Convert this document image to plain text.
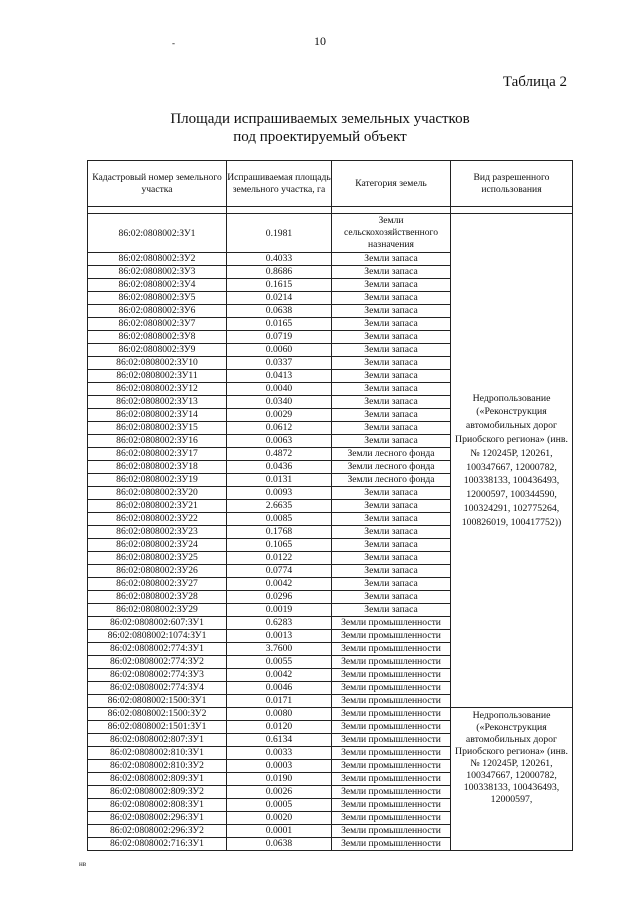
10
-
Таблица 2
Площади испрашиваемых земельных участков
под проектируемый объект
Кадастровый номер земельного участка	Испрашиваемая площадь земельного участка, га	Категория земель	Вид разрешенного использования

86:02:0808002:ЗУ1	0.1981	Земли сельскохозяйственного назначения	Недропользование («Реконструкция автомобильных дорог Приобского региона» (инв. № 120245Р, 120261, 100347667, 12000782, 100338133, 100436493, 12000597, 100344590, 100324291, 102775264, 100826019, 100417752))
86:02:0808002:ЗУ2	0.4033	Земли запаса	
86:02:0808002:ЗУ3	0.8686	Земли запаса	
86:02:0808002:ЗУ4	0.1615	Земли запаса	
86:02:0808002:ЗУ5	0.0214	Земли запаса	
86:02:0808002:ЗУ6	0.0638	Земли запаса	
86:02:0808002:ЗУ7	0.0165	Земли запаса	
86:02:0808002:ЗУ8	0.0719	Земли запаса	
86:02:0808002:ЗУ9	0.0060	Земли запаса	
86:02:0808002:ЗУ10	0.0337	Земли запаса	
86:02:0808002:ЗУ11	0.0413	Земли запаса	
86:02:0808002:ЗУ12	0.0040	Земли запаса	
86:02:0808002:ЗУ13	0.0340	Земли запаса	
86:02:0808002:ЗУ14	0.0029	Земли запаса	
86:02:0808002:ЗУ15	0.0612	Земли запаса	
86:02:0808002:ЗУ16	0.0063	Земли запаса	
86:02:0808002:ЗУ17	0.4872	Земли лесного фонда	
86:02:0808002:ЗУ18	0.0436	Земли лесного фонда	
86:02:0808002:ЗУ19	0.0131	Земли лесного фонда	
86:02:0808002:ЗУ20	0.0093	Земли запаса	
86:02:0808002:ЗУ21	2.6635	Земли запаса	
86:02:0808002:ЗУ22	0.0085	Земли запаса	
86:02:0808002:ЗУ23	0.1768	Земли запаса	
86:02:0808002:ЗУ24	0.1065	Земли запаса	
86:02:0808002:ЗУ25	0.0122	Земли запаса	
86:02:0808002:ЗУ26	0.0774	Земли запаса	
86:02:0808002:ЗУ27	0.0042	Земли запаса	
86:02:0808002:ЗУ28	0.0296	Земли запаса	
86:02:0808002:ЗУ29	0.0019	Земли запаса	
86:02:0808002:607:ЗУ1	0.6283	Земли промышленности	
86:02:0808002:1074:ЗУ1	0.0013	Земли промышленности	
86:02:0808002:774:ЗУ1	3.7600	Земли промышленности	
86:02:0808002:774:ЗУ2	0.0055	Земли промышленности	
86:02:0808002:774:ЗУ3	0.0042	Земли промышленности	
86:02:0808002:774:ЗУ4	0.0046	Земли промышленности	
86:02:0808002:1500:ЗУ1	0.0171	Земли промышленности	
86:02:0808002:1500:ЗУ2	0.0080	Земли промышленности	Недропользование («Реконструкция автомобильных дорог Приобского региона» (инв. № 120245Р, 120261, 100347667, 12000782, 100338133, 100436493, 12000597,
86:02:0808002:1501:ЗУ1	0.0120	Земли промышленности	
86:02:0808002:807:ЗУ1	0.6134	Земли промышленности	
86:02:0808002:810:ЗУ1	0.0033	Земли промышленности	
86:02:0808002:810:ЗУ2	0.0003	Земли промышленности	
86:02:0808002:809:ЗУ1	0.0190	Земли промышленности	
86:02:0808002:809:ЗУ2	0.0026	Земли промышленности	
86:02:0808002:808:ЗУ1	0.0005	Земли промышленности	
86:02:0808002:296:ЗУ1	0.0020	Земли промышленности	
86:02:0808002:296:ЗУ2	0.0001	Земли промышленности	
86:02:0808002:716:ЗУ1	0.0638	Земли промышленности	
нв
